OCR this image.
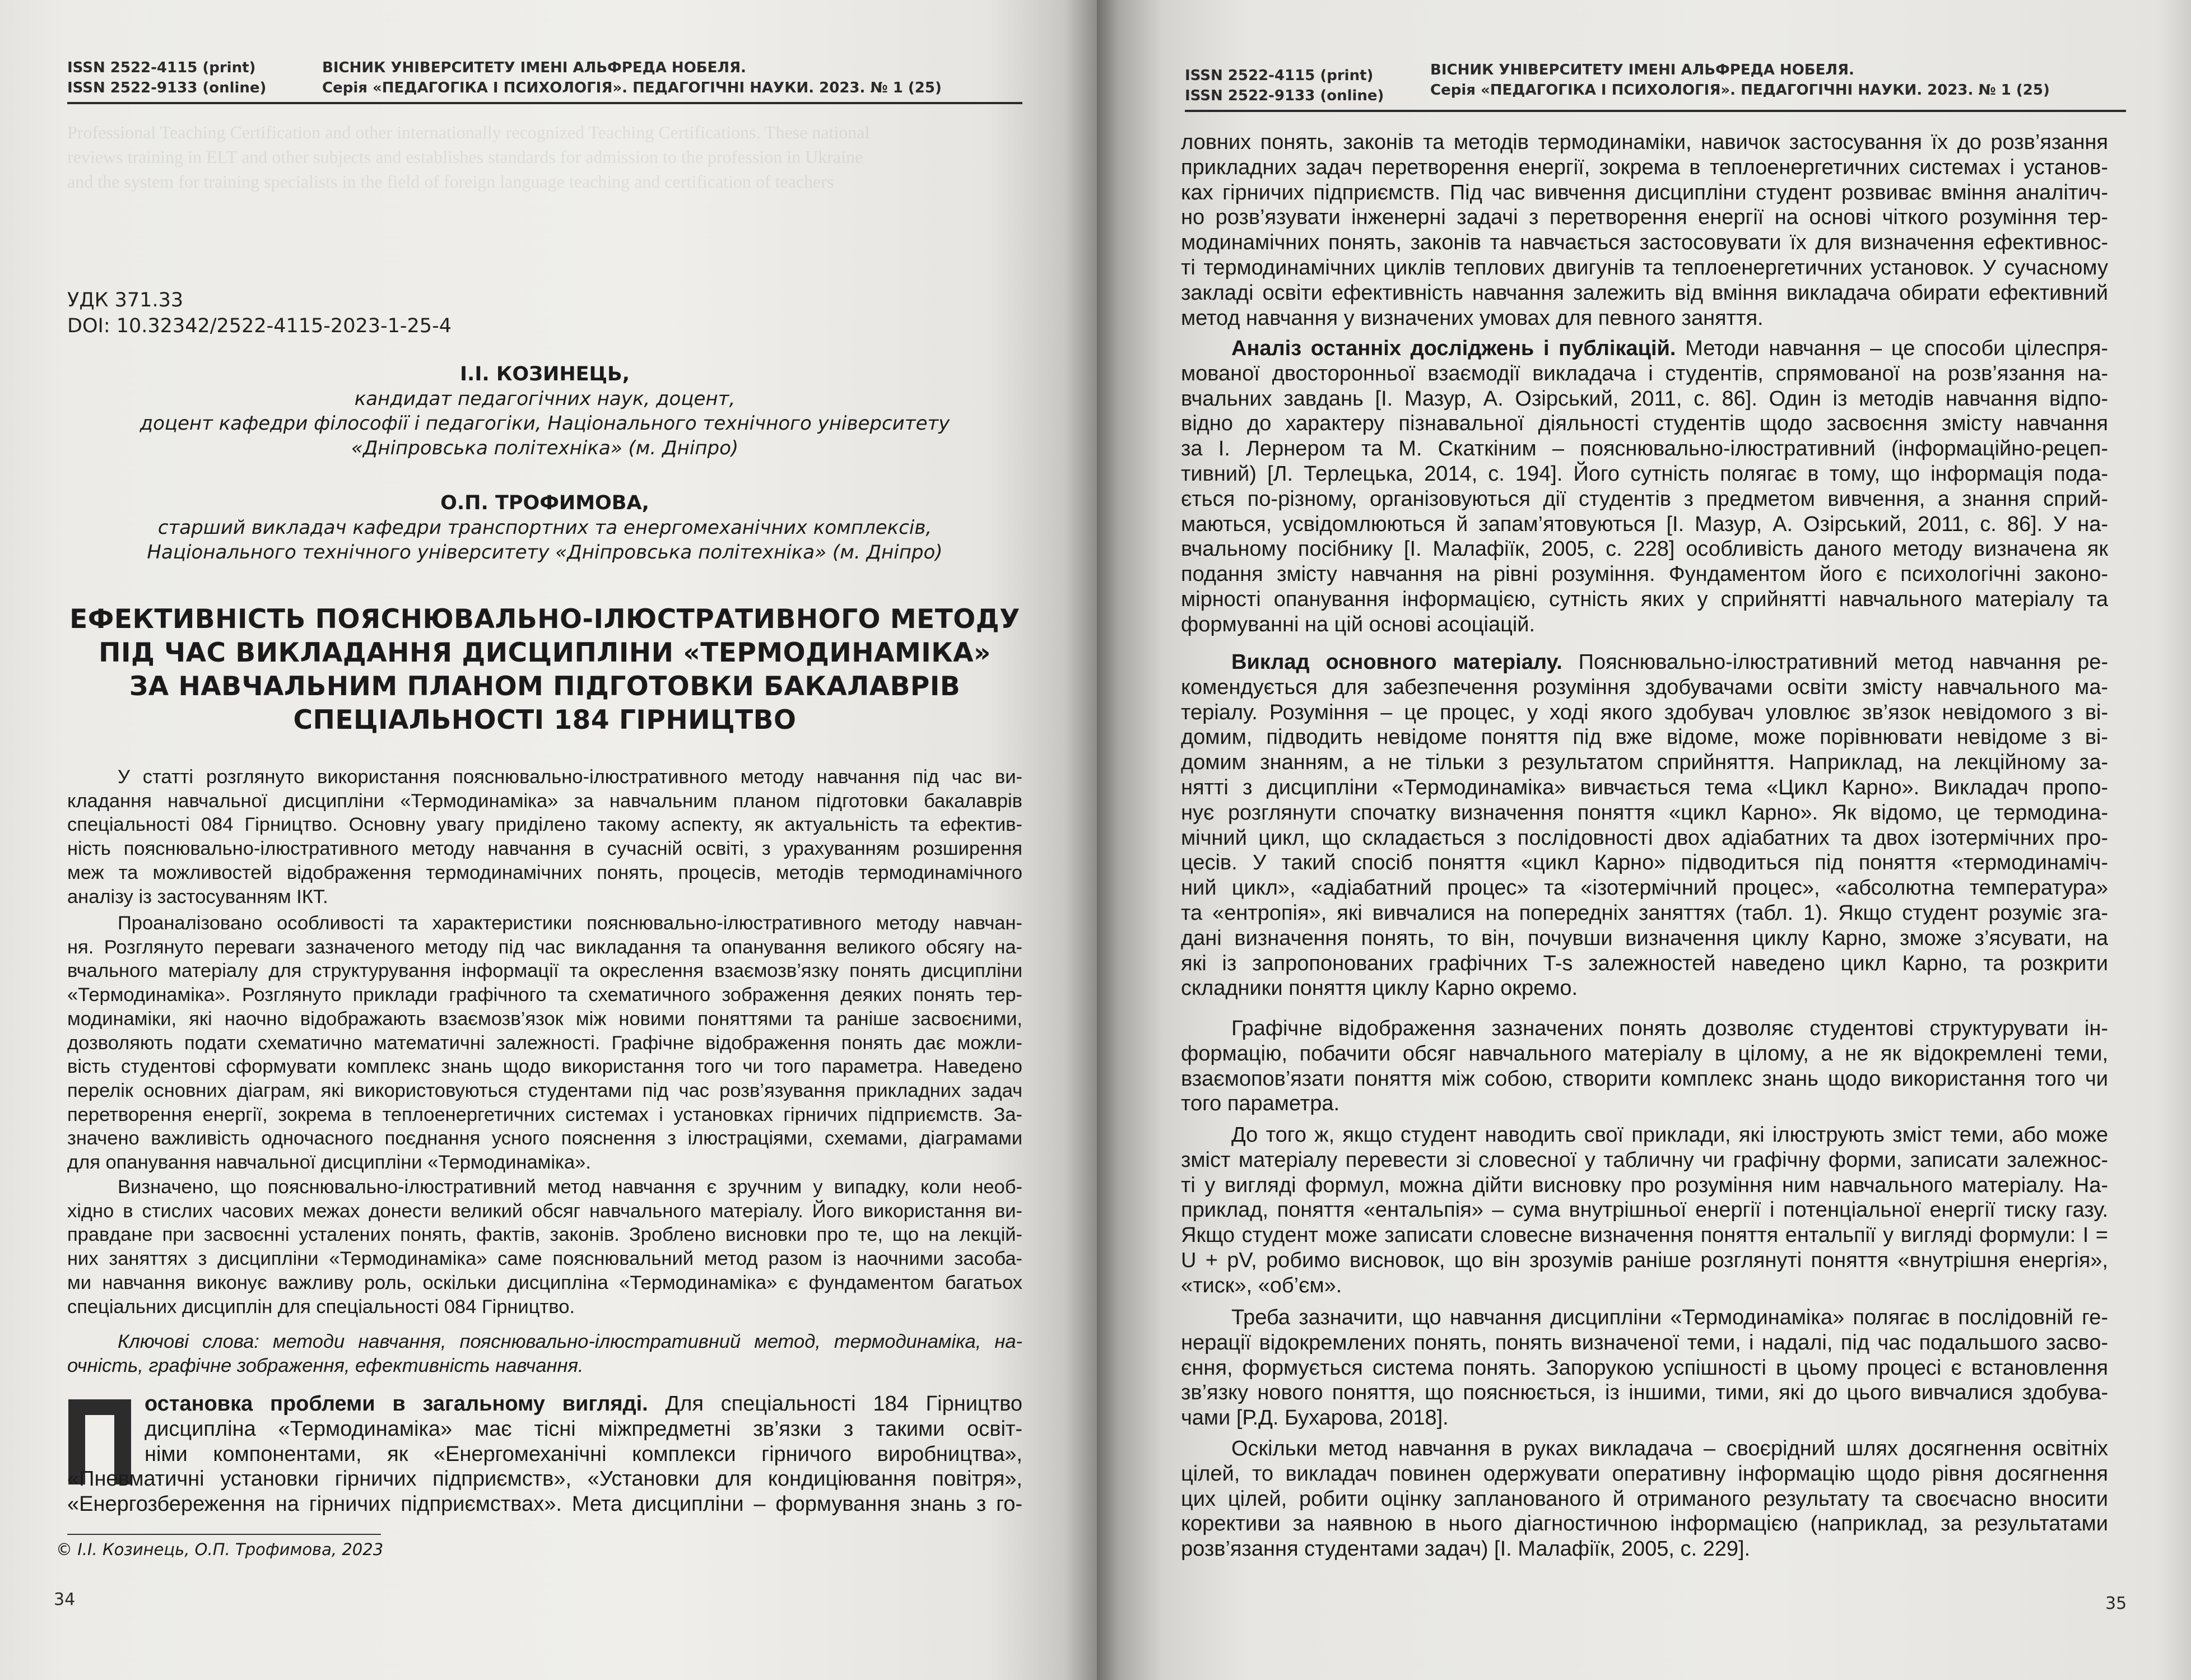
Professional Teaching Certification and other internationally recognized Teaching Certifications. These national
reviews training in ELT and other subjects and establishes standards for admission to the profession in Ukraine
and the system for training specialists in the field of foreign language teaching and certification of teachers
ISSN 2522-4115 (print)
ISSN 2522-9133 (online)
ВІСНИК УНІВЕРСИТЕТУ ІМЕНІ АЛЬФРЕДА НОБЕЛЯ.
Серія «ПЕДАГОГІКА І ПСИХОЛОГІЯ». ПЕДАГОГІЧНІ НАУКИ. 2023. № 1 (25)
УДК 371.33
DOI: 10.32342/2522-4115-2023-1-25-4
І.І. КОЗИНЕЦЬ,
кандидат педагогічних наук, доцент,
доцент кафедри філософії і педагогіки, Національного технічного університету
«Дніпровська політехніка» (м. Дніпро)
О.П. ТРОФИМОВА,
старший викладач кафедри транспортних та енергомеханічних комплексів,
Національного технічного університету «Дніпровська політехніка» (м. Дніпро)
ЕФЕКТИВНІСТЬ ПОЯСНЮВАЛЬНО-ІЛЮСТРАТИВНОГО МЕТОДУ
ПІД ЧАС ВИКЛАДАННЯ ДИСЦИПЛІНИ «ТЕРМОДИНАМІКА»
ЗА НАВЧАЛЬНИМ ПЛАНОМ ПІДГОТОВКИ БАКАЛАВРІВ
СПЕЦІАЛЬНОСТІ 184 ГІРНИЦТВО
У статті розглянуто використання пояснювально-ілюстративного методу навчання під час ви-
кладання навчальної дисципліни «Термодинаміка» за навчальним планом підготовки бакалаврів
спеціальності 084 Гірництво. Основну увагу приділено такому аспекту, як актуальність та ефектив-
ність пояснювально-ілюстративного методу навчання в сучасній освіті, з урахуванням розширення
меж та можливостей відображення термодинамічних понять, процесів, методів термодинамічного
аналізу із застосуванням ІКТ.
Проаналізовано особливості та характеристики пояснювально-ілюстративного методу навчан-
ня. Розглянуто переваги зазначеного методу під час викладання та опанування великого обсягу на-
вчального матеріалу для структурування інформації та окреслення взаємозв’язку понять дисципліни
«Термодинаміка». Розглянуто приклади графічного та схематичного зображення деяких понять тер-
модинаміки, які наочно відображають взаємозв’язок між новими поняттями та раніше засвоєними,
дозволяють подати схематично математичні залежності. Графічне відображення понять дає можли-
вість студентові сформувати комплекс знань щодо використання того чи того параметра. Наведено
перелік основних діаграм, які використовуються студентами під час розв’язування прикладних задач
перетворення енергії, зокрема в теплоенергетичних системах і установках гірничих підприємств. За-
значено важливість одночасного поєднання усного пояснення з ілюстраціями, схемами, діаграмами
для опанування навчальної дисципліни «Термодинаміка».
Визначено, що пояснювально-ілюстративний метод навчання є зручним у випадку, коли необ-
хідно в стислих часових межах донести великий обсяг навчального матеріалу. Його використання ви-
правдане при засвоєнні усталених понять, фактів, законів. Зроблено висновки про те, що на лекцій-
них заняттях з дисципліни «Термодинаміка» саме пояснювальний метод разом із наочними засоба-
ми навчання виконує важливу роль, оскільки дисципліна «Термодинаміка» є фундаментом багатьох
спеціальних дисциплін для спеціальності 084 Гірництво.
Ключові слова: методи навчання, пояснювально-ілюстративний метод, термодинаміка, на-
очність, графічне зображення, ефективність навчання.
остановка проблеми в загальному вигляді. Для спеціальності 184 Гірництво
дисципліна «Термодинаміка» має тісні міжпредметні зв’язки з такими освіт-
німи компонентами, як «Енергомеханічні комплекси гірничого виробництва»,
«Пневматичні установки гірничих підприємств», «Установки для кондиціювання повітря»,
«Енергозбереження на гірничих підприємствах». Мета дисципліни – формування знань з го-
© І.І. Козинець, О.П. Трофимова, 2023
34
ISSN 2522-4115 (print)
ISSN 2522-9133 (online)
ВІСНИК УНІВЕРСИТЕТУ ІМЕНІ АЛЬФРЕДА НОБЕЛЯ.
Серія «ПЕДАГОГІКА І ПСИХОЛОГІЯ». ПЕДАГОГІЧНІ НАУКИ. 2023. № 1 (25)
ловних понять, законів та методів термодинаміки, навичок застосування їх до розв’язання
прикладних задач перетворення енергії, зокрема в теплоенергетичних системах і установ-
ках гірничих підприємств. Під час вивчення дисципліни студент розвиває вміння аналітич-
но розв’язувати інженерні задачі з перетворення енергії на основі чіткого розуміння тер-
модинамічних понять, законів та навчається застосовувати їх для визначення ефективнос-
ті термодинамічних циклів теплових двигунів та теплоенергетичних установок. У сучасному
закладі освіти ефективність навчання залежить від вміння викладача обирати ефективний
метод навчання у визначених умовах для певного заняття.
Аналіз останніх досліджень і публікацій. Методи навчання – це способи цілеспря-
мованої двосторонньої взаємодії викладача і студентів, спрямованої на розв’язання на-
вчальних завдань [І. Мазур, А. Озірський, 2011, с. 86]. Один із методів навчання відпо-
відно до характеру пізнавальної діяльності студентів щодо засвоєння змісту навчання
за І. Лернером та М. Скаткіним – пояснювально-ілюстративний (інформаційно-рецеп-
тивний) [Л. Терлецька, 2014, с. 194]. Його сутність полягає в тому, що інформація пода-
ється по-різному, організовуються дії студентів з предметом вивчення, а знання сприй-
маються, усвідомлюються й запам’ятовуються [І. Мазур, А. Озірський, 2011, с. 86]. У на-
вчальному посібнику [І. Малафіїк, 2005, с. 228] особливість даного методу визначена як
подання змісту навчання на рівні розуміння. Фундаментом його є психологічні законо-
мірності опанування інформацією, сутність яких у сприйнятті навчального матеріалу та
формуванні на цій основі асоціацій.
Виклад основного матеріалу. Пояснювально-ілюстративний метод навчання ре-
комендується для забезпечення розуміння здобувачами освіти змісту навчального ма-
теріалу. Розуміння – це процес, у ході якого здобувач уловлює зв’язок невідомого з ві-
домим, підводить невідоме поняття під вже відоме, може порівнювати невідоме з ві-
домим знанням, а не тільки з результатом сприйняття. Наприклад, на лекційному за-
нятті з дисципліни «Термодинаміка» вивчається тема «Цикл Карно». Викладач пропо-
нує розглянути спочатку визначення поняття «цикл Карно». Як відомо, це термодина-
мічний цикл, що складається з послідовності двох адіабатних та двох ізотермічних про-
цесів. У такий спосіб поняття «цикл Карно» підводиться під поняття «термодинаміч-
ний цикл», «адіабатний процес» та «ізотермічний процес», «абсолютна температура»
та «ентропія», які вивчалися на попередніх заняттях (табл. 1). Якщо студент розуміє зга-
дані визначення понять, то він, почувши визначення циклу Карно, зможе з’ясувати, на
які із запропонованих графічних T-s залежностей наведено цикл Карно, та розкрити
складники поняття циклу Карно окремо.
Графічне відображення зазначених понять дозволяє студентові структурувати ін-
формацію, побачити обсяг навчального матеріалу в цілому, а не як відокремлені теми,
взаємопов’язати поняття між собою, створити комплекс знань щодо використання того чи
того параметра.
До того ж, якщо студент наводить свої приклади, які ілюструють зміст теми, або може
зміст матеріалу перевести зі словесної у табличну чи графічну форми, записати залежнос-
ті у вигляді формул, можна дійти висновку про розуміння ним навчального матеріалу. На-
приклад, поняття «ентальпія» – сума внутрішньої енергії і потенціальної енергії тиску газу.
Якщо студент може записати словесне визначення поняття ентальпії у вигляді формули: I =
U + pV, робимо висновок, що він зрозумів раніше розглянуті поняття «внутрішня енергія»,
«тиск», «об’єм».
Треба зазначити, що навчання дисципліни «Термодинаміка» полягає в послідовній ге-
нерації відокремлених понять, понять визначеної теми, і надалі, під час подальшого засво-
єння, формується система понять. Запорукою успішності в цьому процесі є встановлення
зв’язку нового поняття, що пояснюється, із іншими, тими, які до цього вивчалися здобува-
чами [Р.Д. Бухарова, 2018].
Оскільки метод навчання в руках викладача – своєрідний шлях досягнення освітніх
цілей, то викладач повинен одержувати оперативну інформацію щодо рівня досягнення
цих цілей, робити оцінку запланованого й отриманого результату та своєчасно вносити
корективи за наявною в нього діагностичною інформацією (наприклад, за результатами
розв’язання студентами задач) [І. Малафіїк, 2005, с. 229].
35
